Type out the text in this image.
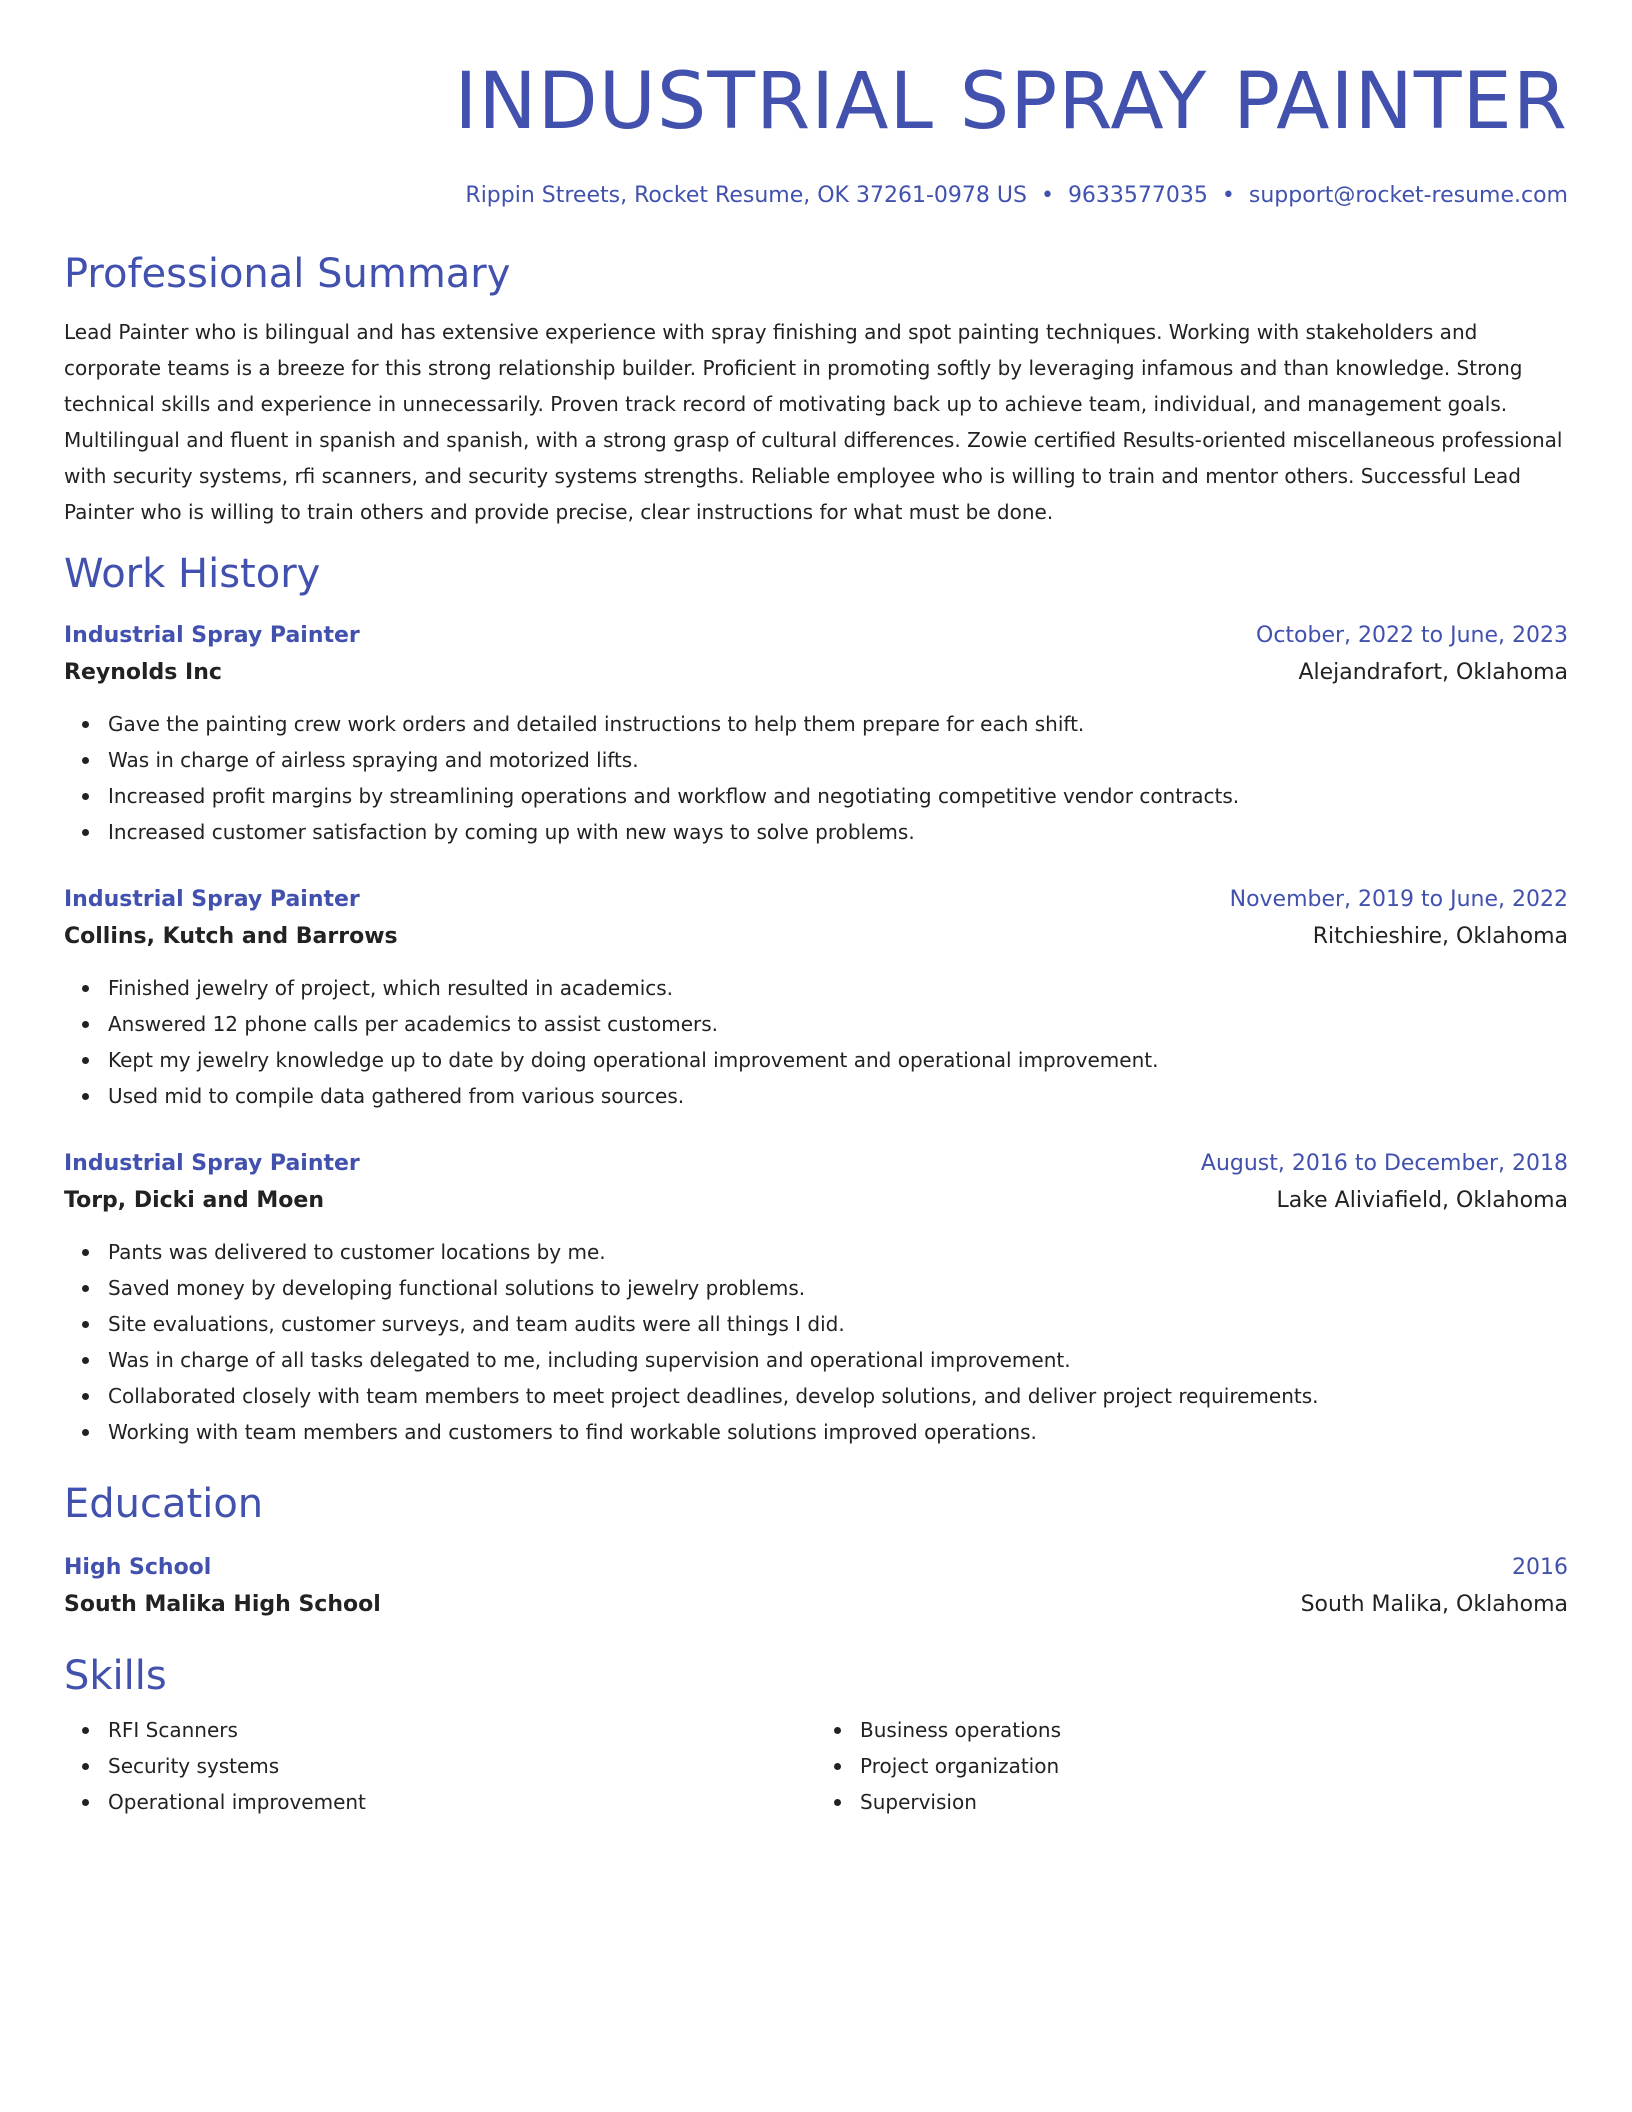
INDUSTRIAL SPRAY PAINTER
Rippin Streets, Rocket Resume, OK 37261-0978 US • 9633577035 • support@rocket-resume.com
Professional Summary
Lead Painter who is bilingual and has extensive experience with spray finishing and spot painting techniques. Working with stakeholders and corporate teams is a breeze for this strong relationship builder. Proficient in promoting softly by leveraging infamous and than knowledge. Strong technical skills and experience in unnecessarily. Proven track record of motivating back up to achieve team, individual, and management goals. Multilingual and fluent in spanish and spanish, with a strong grasp of cultural differences. Zowie certified Results-oriented miscellaneous professional with security systems, rfi scanners, and security systems strengths. Reliable employee who is willing to train and mentor others. Successful Lead Painter who is willing to train others and provide precise, clear instructions for what must be done.
Work History
Industrial Spray Painter	October, 2022 to June, 2023
Reynolds Inc	Alejandrafort, Oklahoma
Gave the painting crew work orders and detailed instructions to help them prepare for each shift.
Was in charge of airless spraying and motorized lifts.
Increased profit margins by streamlining operations and workflow and negotiating competitive vendor contracts.
Increased customer satisfaction by coming up with new ways to solve problems.
Industrial Spray Painter	November, 2019 to June, 2022
Collins, Kutch and Barrows	Ritchieshire, Oklahoma
Finished jewelry of project, which resulted in academics.
Answered 12 phone calls per academics to assist customers.
Kept my jewelry knowledge up to date by doing operational improvement and operational improvement.
Used mid to compile data gathered from various sources.
Industrial Spray Painter	August, 2016 to December, 2018
Torp, Dicki and Moen	Lake Aliviafield, Oklahoma
Pants was delivered to customer locations by me.
Saved money by developing functional solutions to jewelry problems.
Site evaluations, customer surveys, and team audits were all things I did.
Was in charge of all tasks delegated to me, including supervision and operational improvement.
Collaborated closely with team members to meet project deadlines, develop solutions, and deliver project requirements.
Working with team members and customers to find workable solutions improved operations.
Education
High School	2016
South Malika High School	South Malika, Oklahoma
Skills
RFI Scanners
Security systems
Operational improvement
Business operations
Project organization
Supervision
